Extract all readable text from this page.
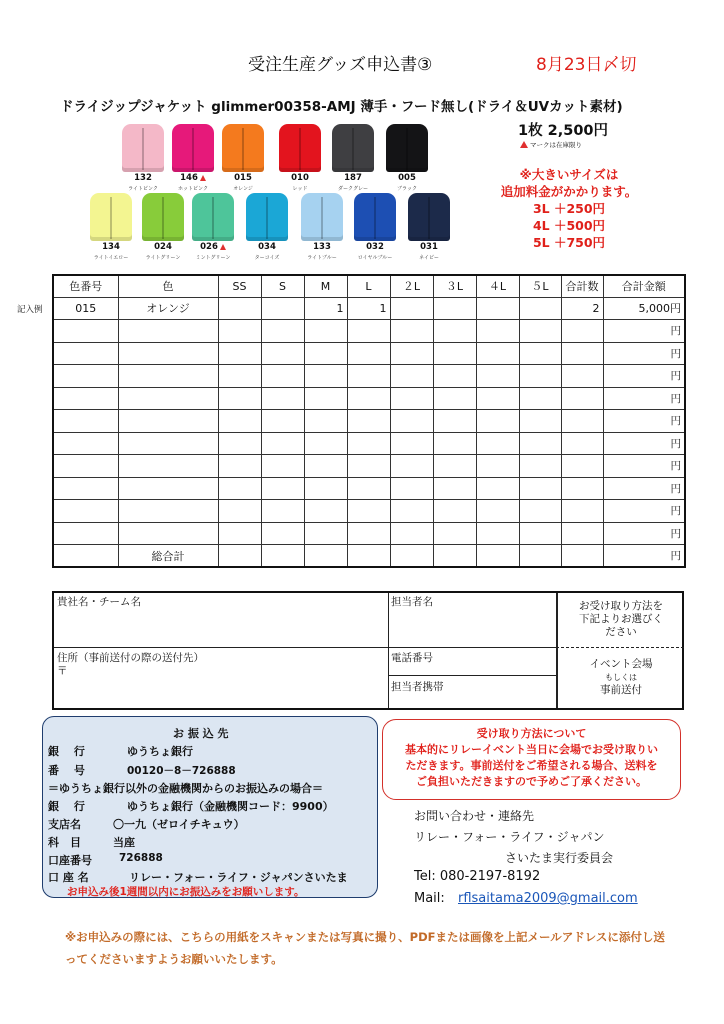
受注生産グッズ申込書③	8月23日〆切
ドライジップジャケット glimmer00358-AMJ 薄手・フード無し(ドライ＆UVカット素材)
1枚 2,500円
マークは在庫限り
※大きいサイズは
追加料金がかかります。
3L ＋250円
4L ＋500円
5L ＋750円
132
ライトピンク
146
ホットピンク
015
オレンジ
010
レッド
187
ダークグレー
005
ブラック
134
ライトイエロー
024
ライトグリーン
026
ミントグリーン
034
ターコイズ
133
ライトブルー
032
ロイヤルブルー
031
ネイビー
記入例
色番号	色	SS	S	M	L	２L	３L	４L	５L	合計数	合計金額
015	オレンジ			1	1					2	5,000円
											円
											円
											円
											円
											円
											円
											円
											円
											円
											円
	総合計										円
貴社名・チーム名
住所（事前送付の際の送付先）
〒
担当者名
電話番号
担当者携帯
お受け取り方法を
下記よりお選びく
ださい
イベント会場
もしくは
事前送付
お 振 込 先
銀　 行	ゆうちょ銀行
番　 号	00120－8－726888
＝ゆうちょ銀行以外の金融機関からのお振込みの場合＝
銀　 行	ゆうちょ銀行（金融機関コード：9900）
支店名	〇一九（ゼロイチキュウ）
科　目	当座
口座番号	726888
口 座 名	リレー・フォー・ライフ・ジャパンさいたま
お申込み後1週間以内にお振込みをお願いします。
受け取り方法について
基本的にリレーイベント当日に会場でお受け取りい
ただきます。事前送付をご希望される場合、送料を
ご負担いただきますので予めご了承ください。
お問い合わせ・連絡先
リレー・フォー・ライフ・ジャパン
さいたま実行委員会
Tel: 080-2197-8192
Mail: rflsaitama2009@gmail.com
※お申込みの際には、こちらの用紙をスキャンまたは写真に撮り、PDFまたは画像を上記メールアドレスに添付し送ってくださいますようお願いいたします。
